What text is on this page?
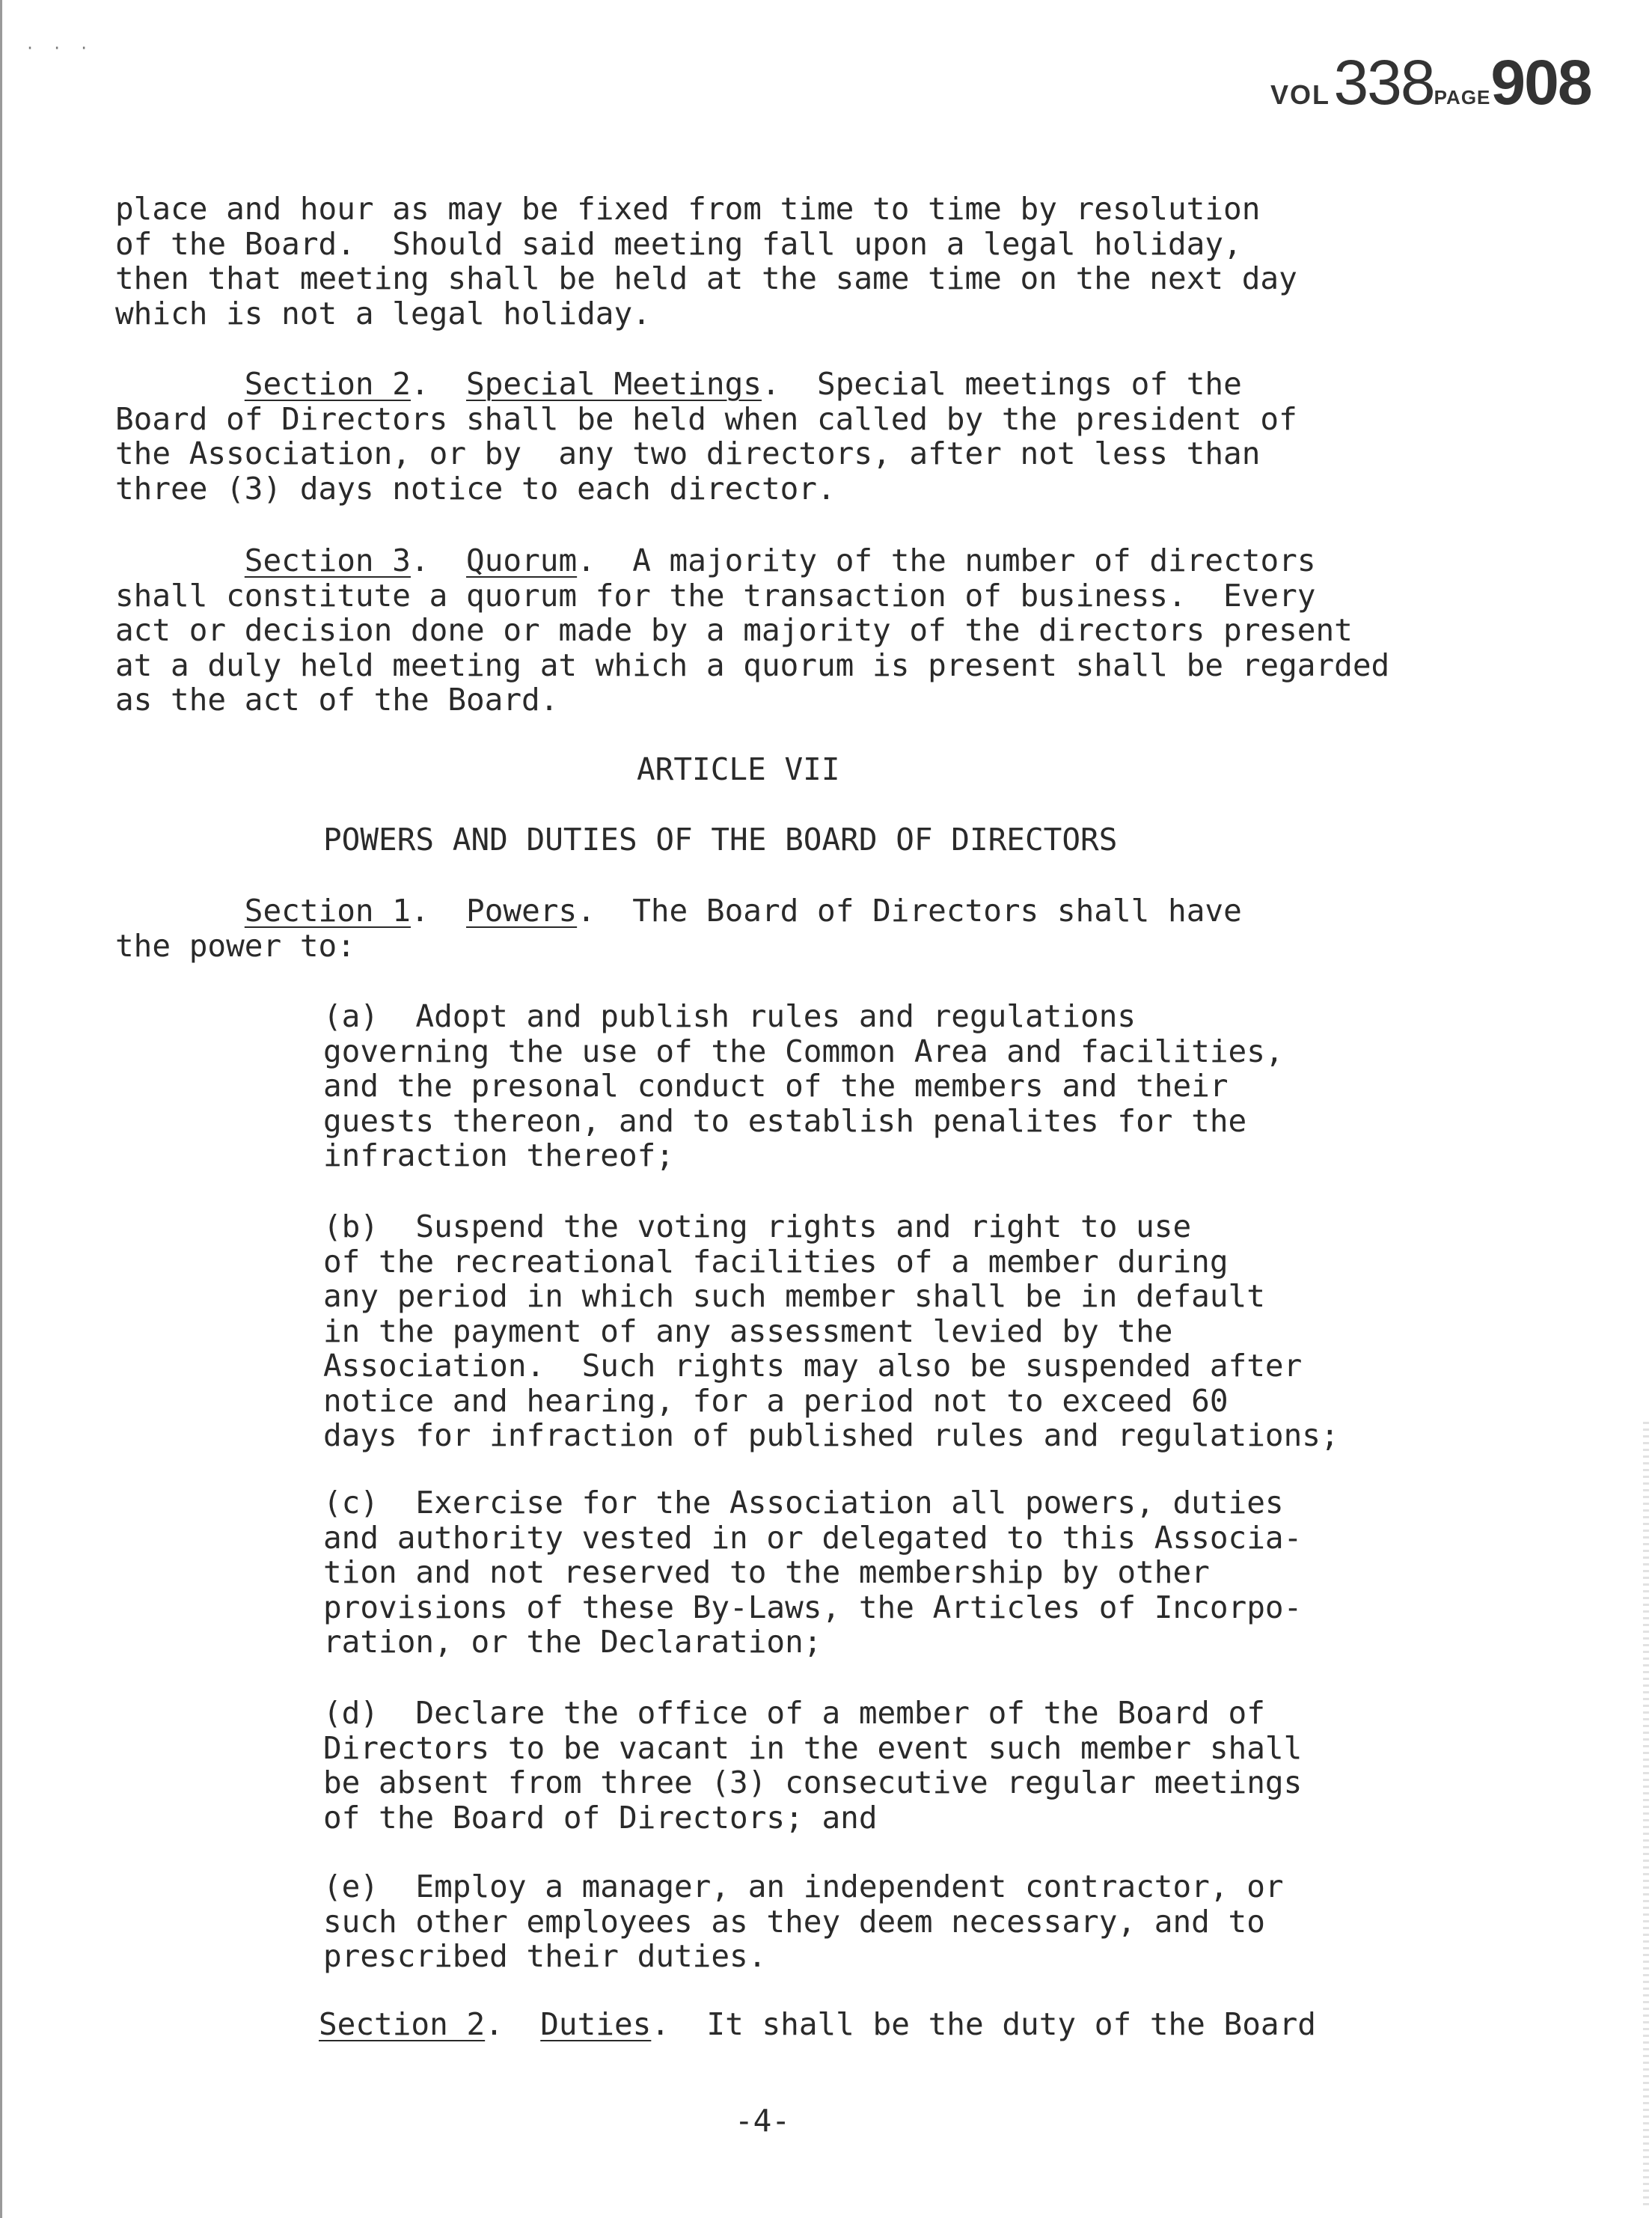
· · ·
VOL 338PAGE908
place and hour as may be fixed from time to time by resolution
of the Board.  Should said meeting fall upon a legal holiday,
then that meeting shall be held at the same time on the next day
which is not a legal holiday.
Section 2.  Special Meetings.  Special meetings of the
Board of Directors shall be held when called by the president of
the Association, or by  any two directors, after not less than
three (3) days notice to each director.
Section 3.  Quorum.  A majority of the number of directors
shall constitute a quorum for the transaction of business.  Every
act or decision done or made by a majority of the directors present
at a duly held meeting at which a quorum is present shall be regarded
as the act of the Board.
ARTICLE VII
POWERS AND DUTIES OF THE BOARD OF DIRECTORS
Section 1.  Powers.  The Board of Directors shall have
the power to:
(a)  Adopt and publish rules and regulations
governing the use of the Common Area and facilities,
and the presonal conduct of the members and their
guests thereon, and to establish penalites for the
infraction thereof;
(b)  Suspend the voting rights and right to use
of the recreational facilities of a member during
any period in which such member shall be in default
in the payment of any assessment levied by the
Association.  Such rights may also be suspended after
notice and hearing, for a period not to exceed 60
days for infraction of published rules and regulations;
(c)  Exercise for the Association all powers, duties
and authority vested in or delegated to this Associa-
tion and not reserved to the membership by other
provisions of these By-Laws, the Articles of Incorpo-
ration, or the Declaration;
(d)  Declare the office of a member of the Board of
Directors to be vacant in the event such member shall
be absent from three (3) consecutive regular meetings
of the Board of Directors; and
(e)  Employ a manager, an independent contractor, or
such other employees as they deem necessary, and to
prescribed their duties.
Section 2.  Duties.  It shall be the duty of the Board
-4-
